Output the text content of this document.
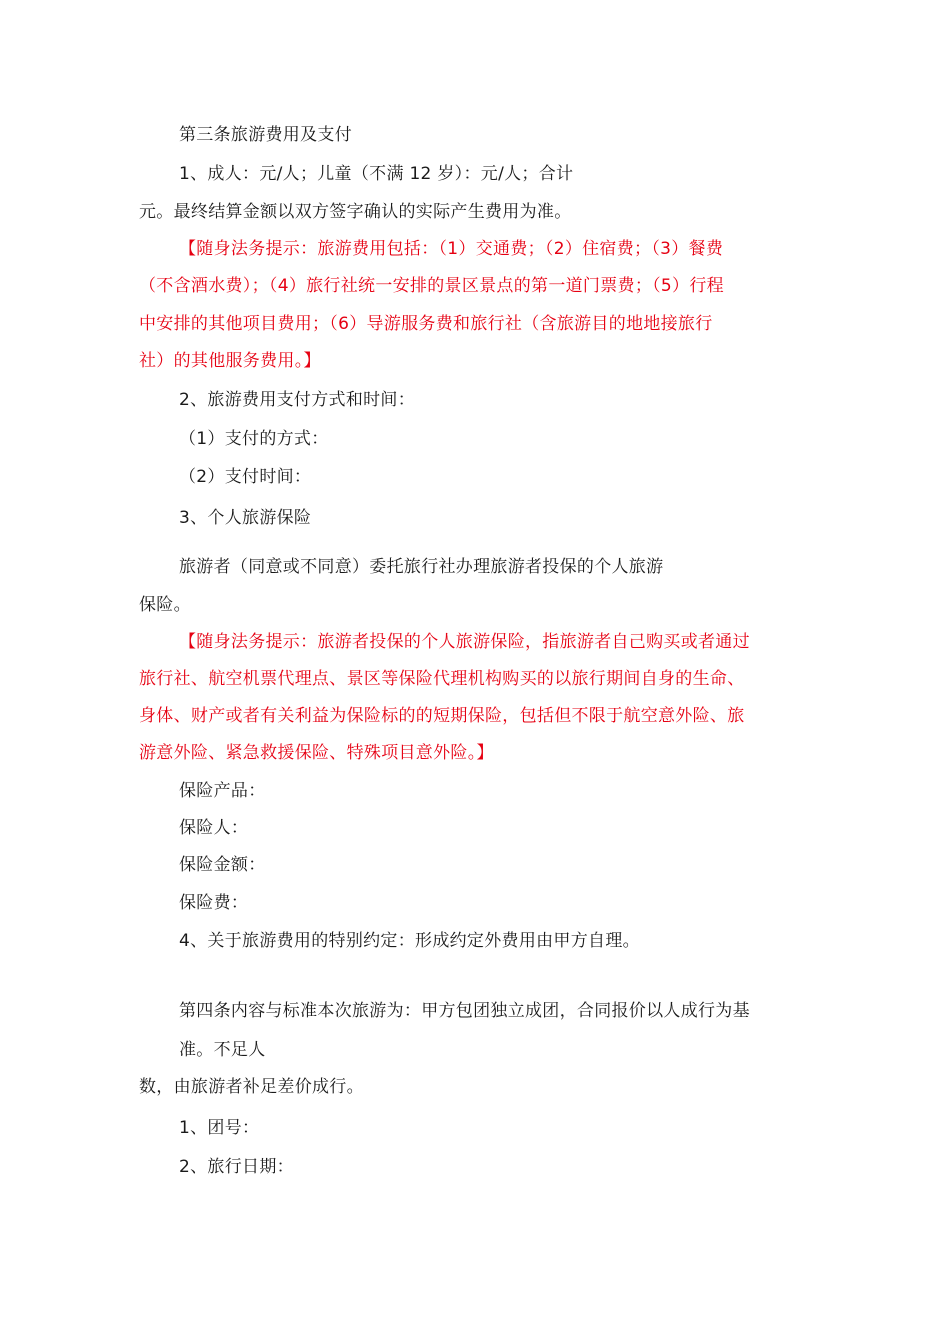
第三条旅游费用及支付
1、成人：元/人；儿童（不满 12 岁）：元/人；合计
元。最终结算金额以双方签字确认的实际产生费用为准。
【随身法务提示：旅游费用包括：（1）交通费；（2）住宿费；（3）餐费
（不含酒水费）；（4）旅行社统一安排的景区景点的第一道门票费；（5）行程
中安排的其他项目费用；（6）导游服务费和旅行社（含旅游目的地地接旅行
社）的其他服务费用。】
2、旅游费用支付方式和时间：
（1）支付的方式：
（2）支付时间：
3、个人旅游保险
旅游者（同意或不同意）委托旅行社办理旅游者投保的个人旅游
保险。
【随身法务提示：旅游者投保的个人旅游保险，指旅游者自己购买或者通过
旅行社、航空机票代理点、景区等保险代理机构购买的以旅行期间自身的生命、
身体、财产或者有关利益为保险标的的短期保险，包括但不限于航空意外险、旅
游意外险、紧急救援保险、特殊项目意外险。】
保险产品：
保险人：
保险金额：
保险费：
4、关于旅游费用的特别约定：形成约定外费用由甲方自理。
第四条内容与标准本次旅游为：甲方包团独立成团，合同报价以人成行为基
准。不足人
数，由旅游者补足差价成行。
1、团号：
2、旅行日期：
